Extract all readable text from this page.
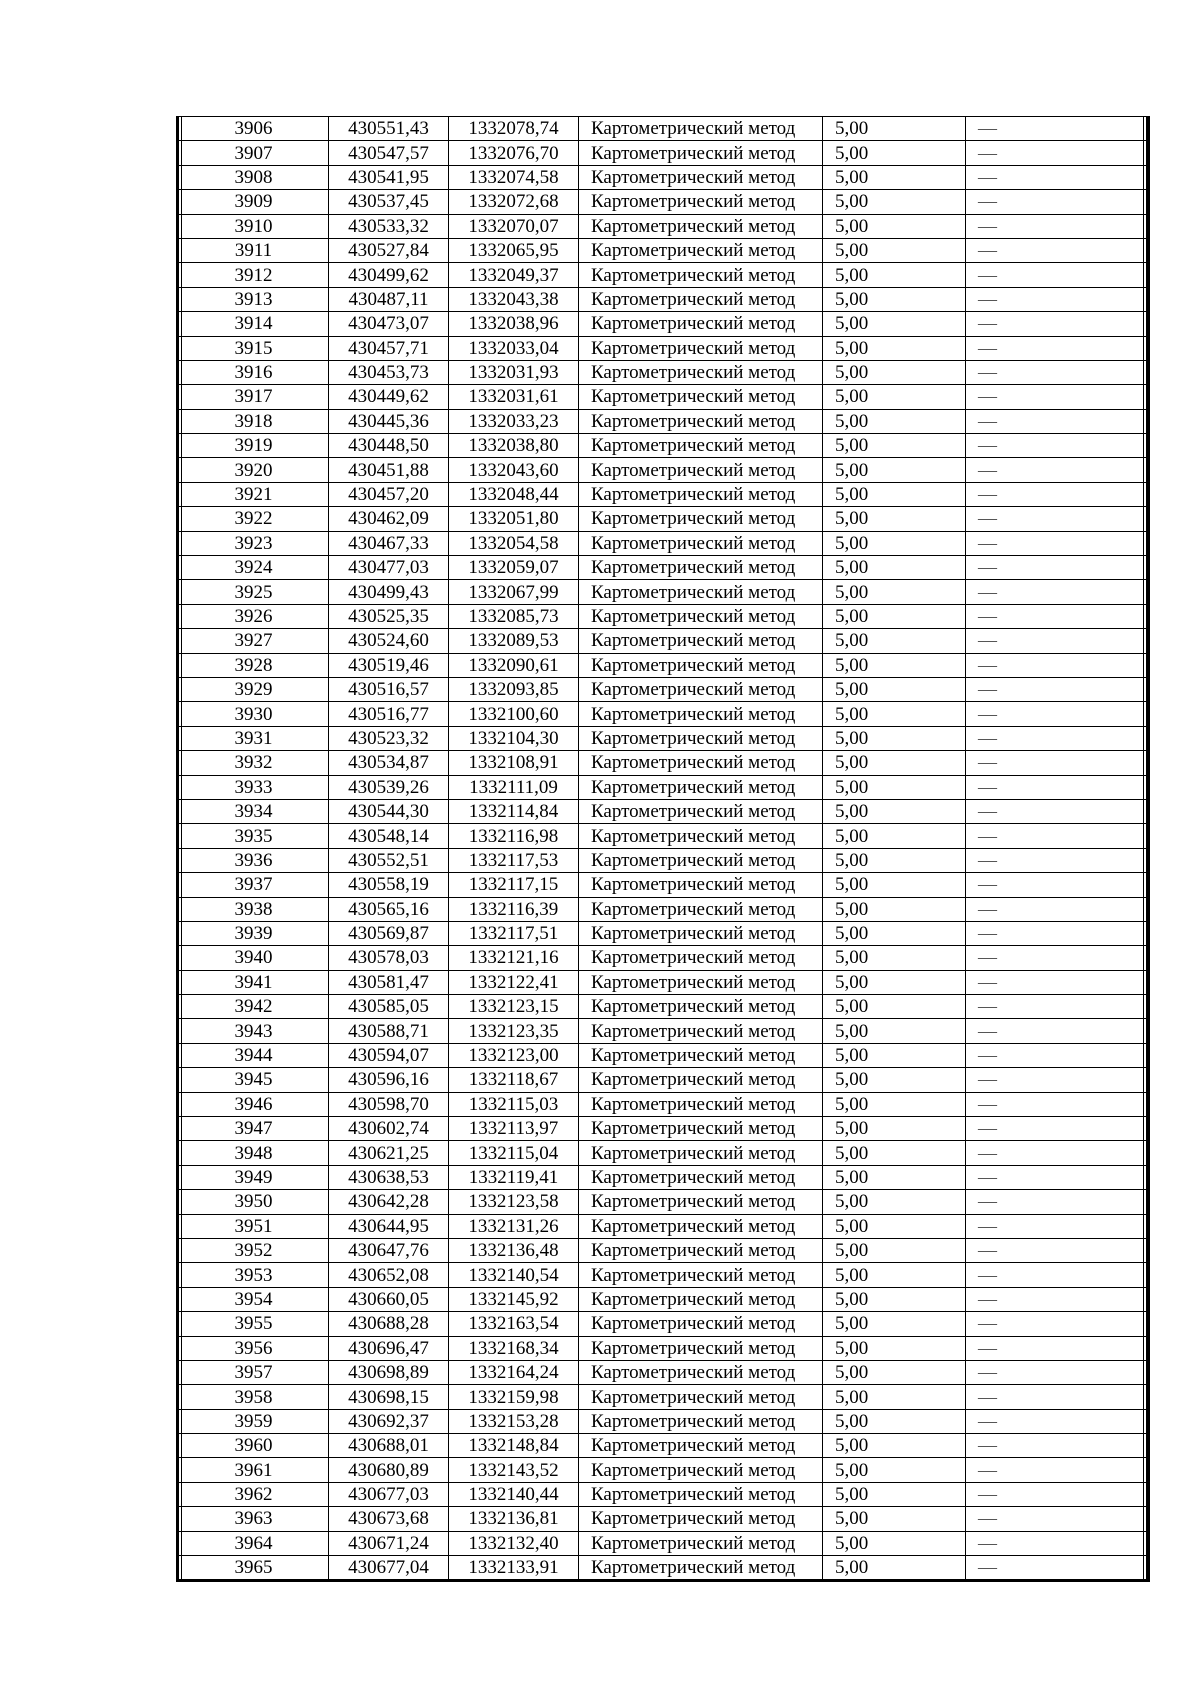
3906	430551,43	1332078,74	Картометрический метод	5,00	—
3907	430547,57	1332076,70	Картометрический метод	5,00	—
3908	430541,95	1332074,58	Картометрический метод	5,00	—
3909	430537,45	1332072,68	Картометрический метод	5,00	—
3910	430533,32	1332070,07	Картометрический метод	5,00	—
3911	430527,84	1332065,95	Картометрический метод	5,00	—
3912	430499,62	1332049,37	Картометрический метод	5,00	—
3913	430487,11	1332043,38	Картометрический метод	5,00	—
3914	430473,07	1332038,96	Картометрический метод	5,00	—
3915	430457,71	1332033,04	Картометрический метод	5,00	—
3916	430453,73	1332031,93	Картометрический метод	5,00	—
3917	430449,62	1332031,61	Картометрический метод	5,00	—
3918	430445,36	1332033,23	Картометрический метод	5,00	—
3919	430448,50	1332038,80	Картометрический метод	5,00	—
3920	430451,88	1332043,60	Картометрический метод	5,00	—
3921	430457,20	1332048,44	Картометрический метод	5,00	—
3922	430462,09	1332051,80	Картометрический метод	5,00	—
3923	430467,33	1332054,58	Картометрический метод	5,00	—
3924	430477,03	1332059,07	Картометрический метод	5,00	—
3925	430499,43	1332067,99	Картометрический метод	5,00	—
3926	430525,35	1332085,73	Картометрический метод	5,00	—
3927	430524,60	1332089,53	Картометрический метод	5,00	—
3928	430519,46	1332090,61	Картометрический метод	5,00	—
3929	430516,57	1332093,85	Картометрический метод	5,00	—
3930	430516,77	1332100,60	Картометрический метод	5,00	—
3931	430523,32	1332104,30	Картометрический метод	5,00	—
3932	430534,87	1332108,91	Картометрический метод	5,00	—
3933	430539,26	1332111,09	Картометрический метод	5,00	—
3934	430544,30	1332114,84	Картометрический метод	5,00	—
3935	430548,14	1332116,98	Картометрический метод	5,00	—
3936	430552,51	1332117,53	Картометрический метод	5,00	—
3937	430558,19	1332117,15	Картометрический метод	5,00	—
3938	430565,16	1332116,39	Картометрический метод	5,00	—
3939	430569,87	1332117,51	Картометрический метод	5,00	—
3940	430578,03	1332121,16	Картометрический метод	5,00	—
3941	430581,47	1332122,41	Картометрический метод	5,00	—
3942	430585,05	1332123,15	Картометрический метод	5,00	—
3943	430588,71	1332123,35	Картометрический метод	5,00	—
3944	430594,07	1332123,00	Картометрический метод	5,00	—
3945	430596,16	1332118,67	Картометрический метод	5,00	—
3946	430598,70	1332115,03	Картометрический метод	5,00	—
3947	430602,74	1332113,97	Картометрический метод	5,00	—
3948	430621,25	1332115,04	Картометрический метод	5,00	—
3949	430638,53	1332119,41	Картометрический метод	5,00	—
3950	430642,28	1332123,58	Картометрический метод	5,00	—
3951	430644,95	1332131,26	Картометрический метод	5,00	—
3952	430647,76	1332136,48	Картометрический метод	5,00	—
3953	430652,08	1332140,54	Картометрический метод	5,00	—
3954	430660,05	1332145,92	Картометрический метод	5,00	—
3955	430688,28	1332163,54	Картометрический метод	5,00	—
3956	430696,47	1332168,34	Картометрический метод	5,00	—
3957	430698,89	1332164,24	Картометрический метод	5,00	—
3958	430698,15	1332159,98	Картометрический метод	5,00	—
3959	430692,37	1332153,28	Картометрический метод	5,00	—
3960	430688,01	1332148,84	Картометрический метод	5,00	—
3961	430680,89	1332143,52	Картометрический метод	5,00	—
3962	430677,03	1332140,44	Картометрический метод	5,00	—
3963	430673,68	1332136,81	Картометрический метод	5,00	—
3964	430671,24	1332132,40	Картометрический метод	5,00	—
3965	430677,04	1332133,91	Картометрический метод	5,00	—
